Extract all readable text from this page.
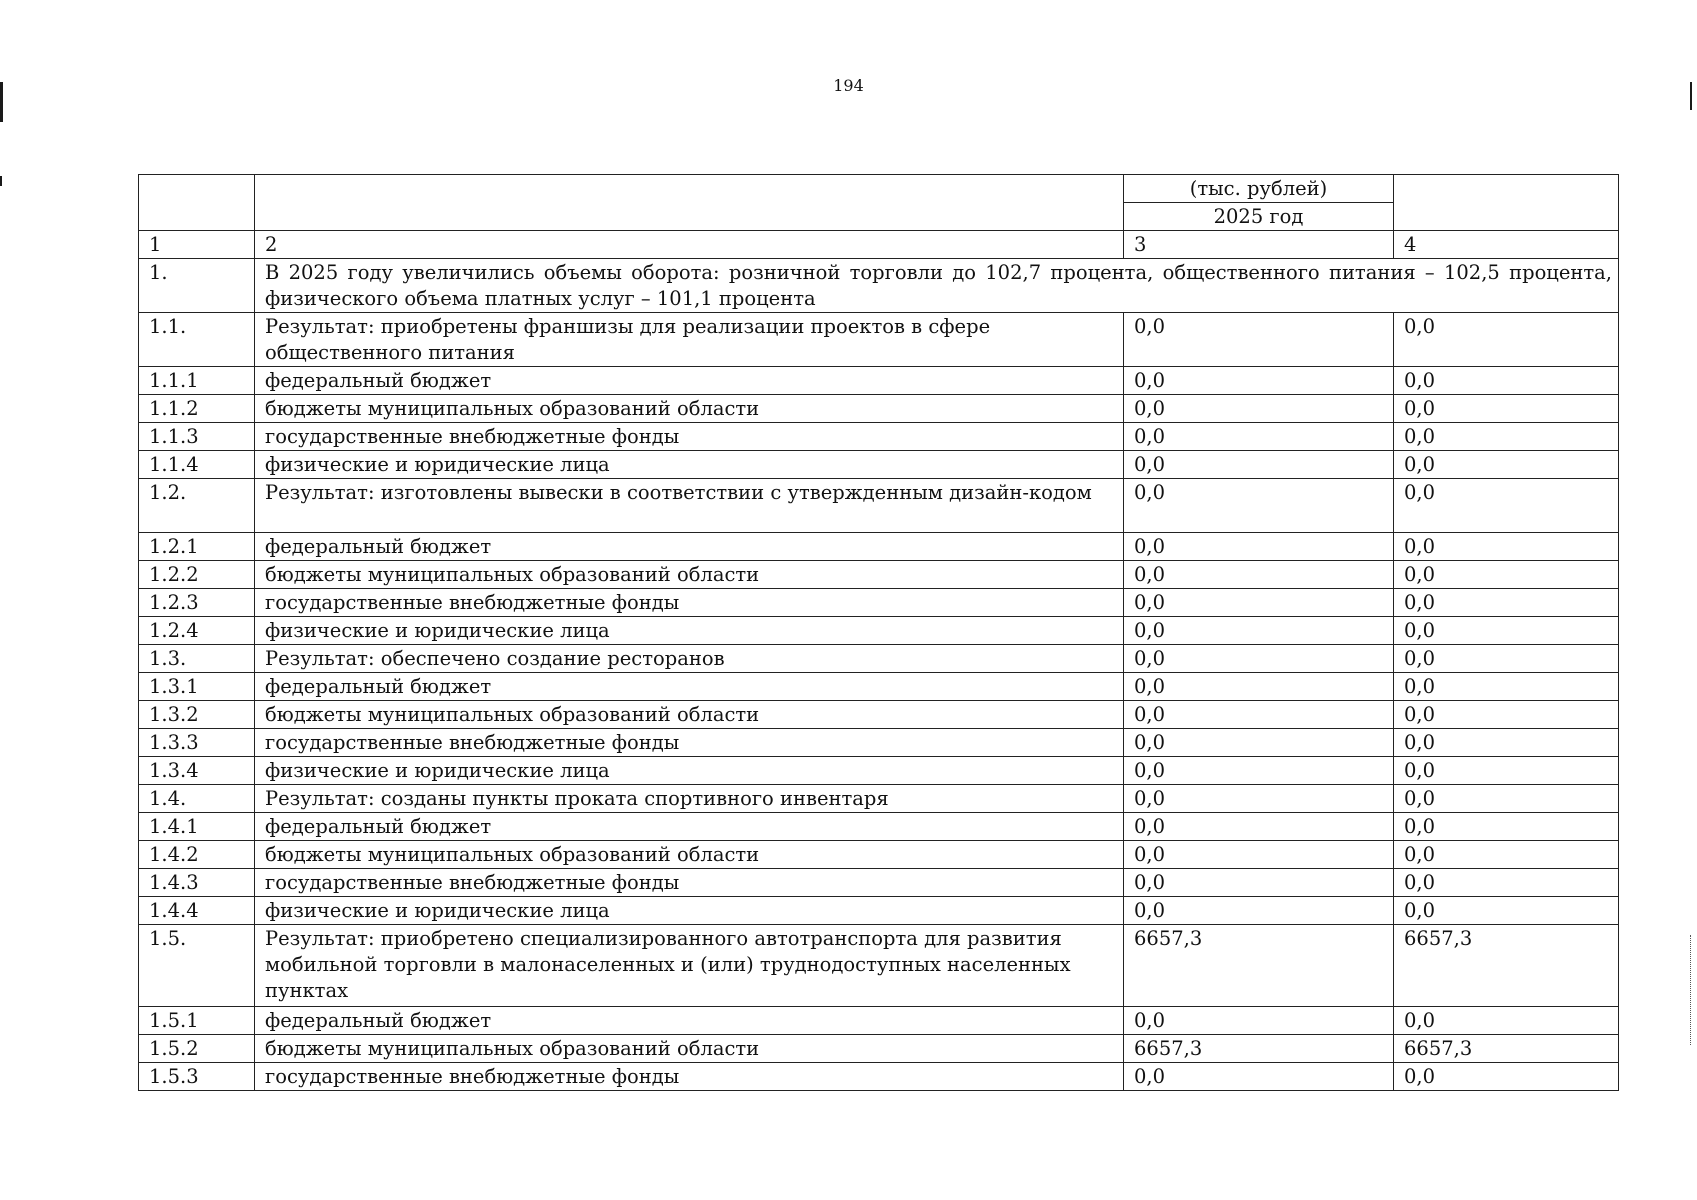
194

		(тыс. рублей)
2025 год	

1	2	3	4
1.	В 2025 году увеличились объемы оборота: розничной торговли до 102,7 процента, общественного питания – 102,5 процента, физического объема платных услуг – 101,1 процента		
1.1.	Результат: приобретены франшизы для реализации проектов в сфере общественного питания	0,0	0,0
1.1.1	федеральный бюджет	0,0	0,0
1.1.2	бюджеты муниципальных образований области	0,0	0,0
1.1.3	государственные внебюджетные фонды	0,0	0,0
1.1.4	физические и юридические лица	0,0	0,0
1.2.	Результат: изготовлены вывески в соответствии с утвержденным дизайн-кодом	0,0	0,0
1.2.1	федеральный бюджет	0,0	0,0
1.2.2	бюджеты муниципальных образований области	0,0	0,0
1.2.3	государственные внебюджетные фонды	0,0	0,0
1.2.4	физические и юридические лица	0,0	0,0
1.3.	Результат: обеспечено создание ресторанов	0,0	0,0
1.3.1	федеральный бюджет	0,0	0,0
1.3.2	бюджеты муниципальных образований области	0,0	0,0
1.3.3	государственные внебюджетные фонды	0,0	0,0
1.3.4	физические и юридические лица	0,0	0,0
1.4.	Результат: созданы пункты проката спортивного инвентаря	0,0	0,0
1.4.1	федеральный бюджет	0,0	0,0
1.4.2	бюджеты муниципальных образований области	0,0	0,0
1.4.3	государственные внебюджетные фонды	0,0	0,0
1.4.4	физические и юридические лица	0,0	0,0
1.5.	Результат: приобретено специализированного автотранспорта для развития мобильной торговли в малонаселенных и (или) труднодоступных населенных пунктах	6657,3	6657,3
1.5.1	федеральный бюджет	0,0	0,0
1.5.2	бюджеты муниципальных образований области	6657,3	6657,3
1.5.3	государственные внебюджетные фонды	0,0	0,0
